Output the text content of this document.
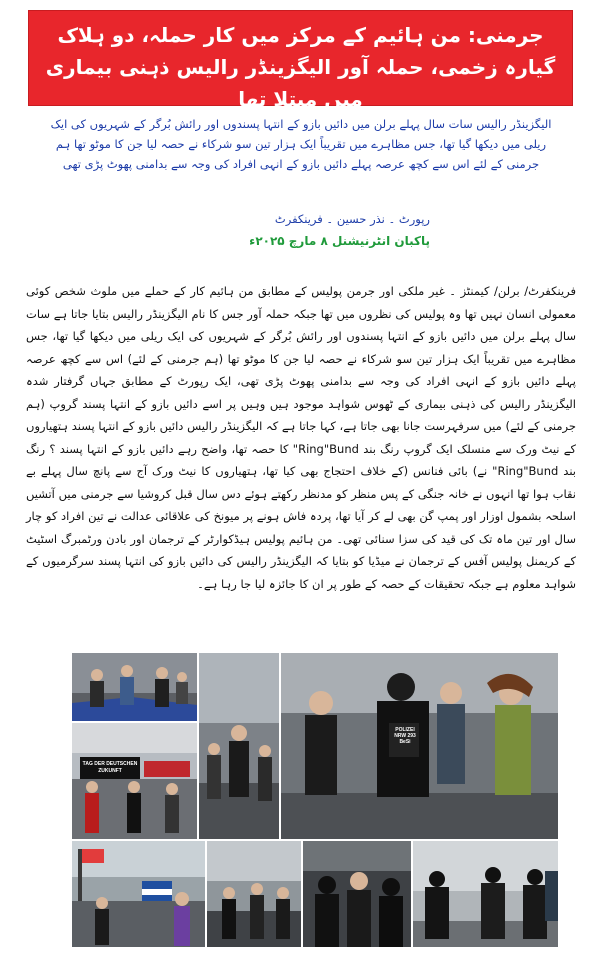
جرمنی: من ہائیم کے مرکز میں کار حملہ، دو ہلاک گیارہ زخمی، حملہ آور الیگزینڈر رالیس ذہنی بیماری میں مبتلا تھا

الیگزینڈر رالیس سات سال پہلے برلن میں دائیں بازو کے انتہا پسندوں اور رائش بُرگر کے شہریوں کی ایک ریلی میں دیکھا گیا تھا، جس مظاہرے میں تقریباً ایک ہزار تین سو شرکاء نے حصہ لیا جن کا موٹو تھا ہم جرمنی کے لئے اس سے کچھ عرصہ پہلے دائیں بازو کے انہی افراد کی وجہ سے بدامنی پھوٹ پڑی تھی

رپورٹ ۔ نذر حسین ۔ فرینکفرٹ
پاکبان انٹرنیشنل ۸ مارچ ۲۰۲۵ء

فرینکفرٹ/ برلن/ کیمنٹز ۔ غیر ملکی اور جرمن پولیس کے مطابق من ہائیم کار کے حملے میں ملوث شخص کوئی معمولی انسان نہیں تھا وہ پولیس کی نظروں میں تھا جبکہ حملہ آور جس کا نام الیگزینڈر رالیس بتایا جاتا ہے سات سال پہلے برلن میں دائیں بازو کے انتہا پسندوں اور رائش بُرگر کے شہریوں کی ایک ریلی میں دیکھا گیا تھا، جس مظاہرے میں تقریباً ایک ہزار تین سو شرکاء نے حصہ لیا جن کا موٹو تھا (ہم جرمنی کے لئے) اس سے کچھ عرصہ پہلے دائیں بازو کے انہی افراد کی وجہ سے بدامنی پھوٹ پڑی تھی، ایک رپورٹ کے مطابق جہاں گرفتار شدہ الیگزینڈر رالیس کی ذہنی بیماری کے ٹھوس شواہد موجود ہیں وہیں پر اسے دائیں بازو کے انتہا پسند گروپ (ہم جرمنی کے لئے) میں سرفہرست جانا بھی جاتا ہے، کہا جاتا ہے کہ الیگزینڈر رالیس دائیں بازو کے انتہا پسند ہتھیاروں کے نیٹ ورک سے منسلک ایک گروپ رنگ بند Ring"Bund" کا حصہ تھا، واضح رہے دائیں بازو کے انتہا پسند ؟ رنگ بند Ring"Bund" نے) بائی فنانس (کے خلاف احتجاج بھی کیا تھا، ہتھیاروں کا نیٹ ورک آج سے پانچ سال پہلے بے نقاب ہوا تھا انہوں نے خانہ جنگی کے پس منظر کو مدنظر رکھتے ہوئے دس سال قبل کروشیا سے جرمنی میں آتشیں اسلحہ بشمول اوزار اور پمپ گن بھی لے کر آیا تھا، پردہ فاش ہونے پر میونخ کی علاقائی عدالت نے تین افراد کو چار سال اور تین ماہ تک کی قید کی سزا سنائی تھی۔ من ہائیم پولیس ہیڈکوارٹر کے ترجمان اور بادن ورٹمبرگ اسٹیٹ کے کریمنل پولیس آفس کے ترجمان نے میڈیا کو بتایا کہ الیگزینڈر رالیس کی دائیں بازو کی انتہا پسند سرگرمیوں کے شواہد معلوم ہے جبکہ تحقیقات کے حصہ کے طور پر ان کا جائزہ لیا جا رہا ہے۔

TAG DER DEUTSCHEN ZUKUNFT
POLIZEI NRW 293 BeSi
